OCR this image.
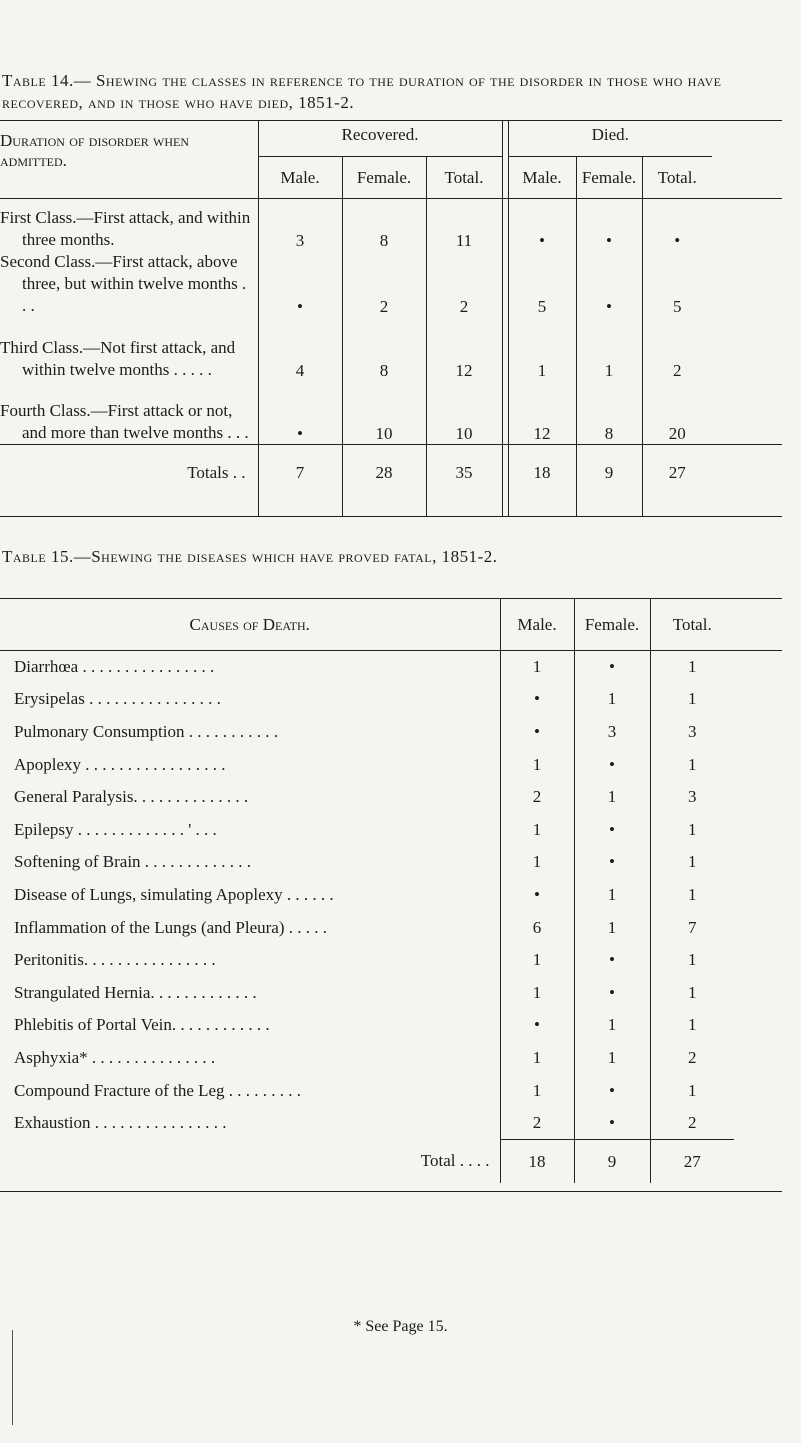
Table 14.— Shewing the classes in reference to the duration of the disorder in those who have recovered, and in those who have died, 1851-2.
Duration of disorder when admitted.	Recovered.				Died.			
	Male.	Female.	Total.		Male.	Female.	Total.	
First Class.—First attack, and within three months.	3	8	11		•	•	•	
Second Class.—First attack, above three, but within twelve months . . .	•	2	2		5	•	5	
Third Class.—Not first attack, and within twelve months . . . . .	4	8	12		1	1	2	
Fourth Class.—First attack or not, and more than twelve months . . .	•	10	10		12	8	20	
Totals . .	7	28	35		18	9	27	

Table 15.—Shewing the diseases which have proved fatal, 1851-2.
Causes of Death.	Male.	Female.	Total.	
Diarrhœa . . . . . . . . . . . . . . . .	1	•	1	
Erysipelas . . . . . . . . . . . . . . . .	•	1	1	
Pulmonary Consumption . . . . . . . . . . .	•	3	3	
Apoplexy . . . . . . . . . . . . . . . . .	1	•	1	
General Paralysis. . . . . . . . . . . . . .	2	1	3	
Epilepsy . . . . . . . . . . . . . ' . . .	1	•	1	
Softening of Brain . . . . . . . . . . . . .	1	•	1	
Disease of Lungs, simulating Apoplexy . . . . . .	•	1	1	
Inflammation of the Lungs (and Pleura) . . . . .	6	1	7	
Peritonitis. . . . . . . . . . . . . . . .	1	•	1	
Strangulated Hernia. . . . . . . . . . . . .	1	•	1	
Phlebitis of Portal Vein. . . . . . . . . . . .	•	1	1	
Asphyxia* . . . . . . . . . . . . . . .	1	1	2	
Compound Fracture of the Leg . . . . . . . . .	1	•	1	
Exhaustion . . . . . . . . . . . . . . . .	2	•	2	
Total . . . .	18	9	27	

* See Page 15.
